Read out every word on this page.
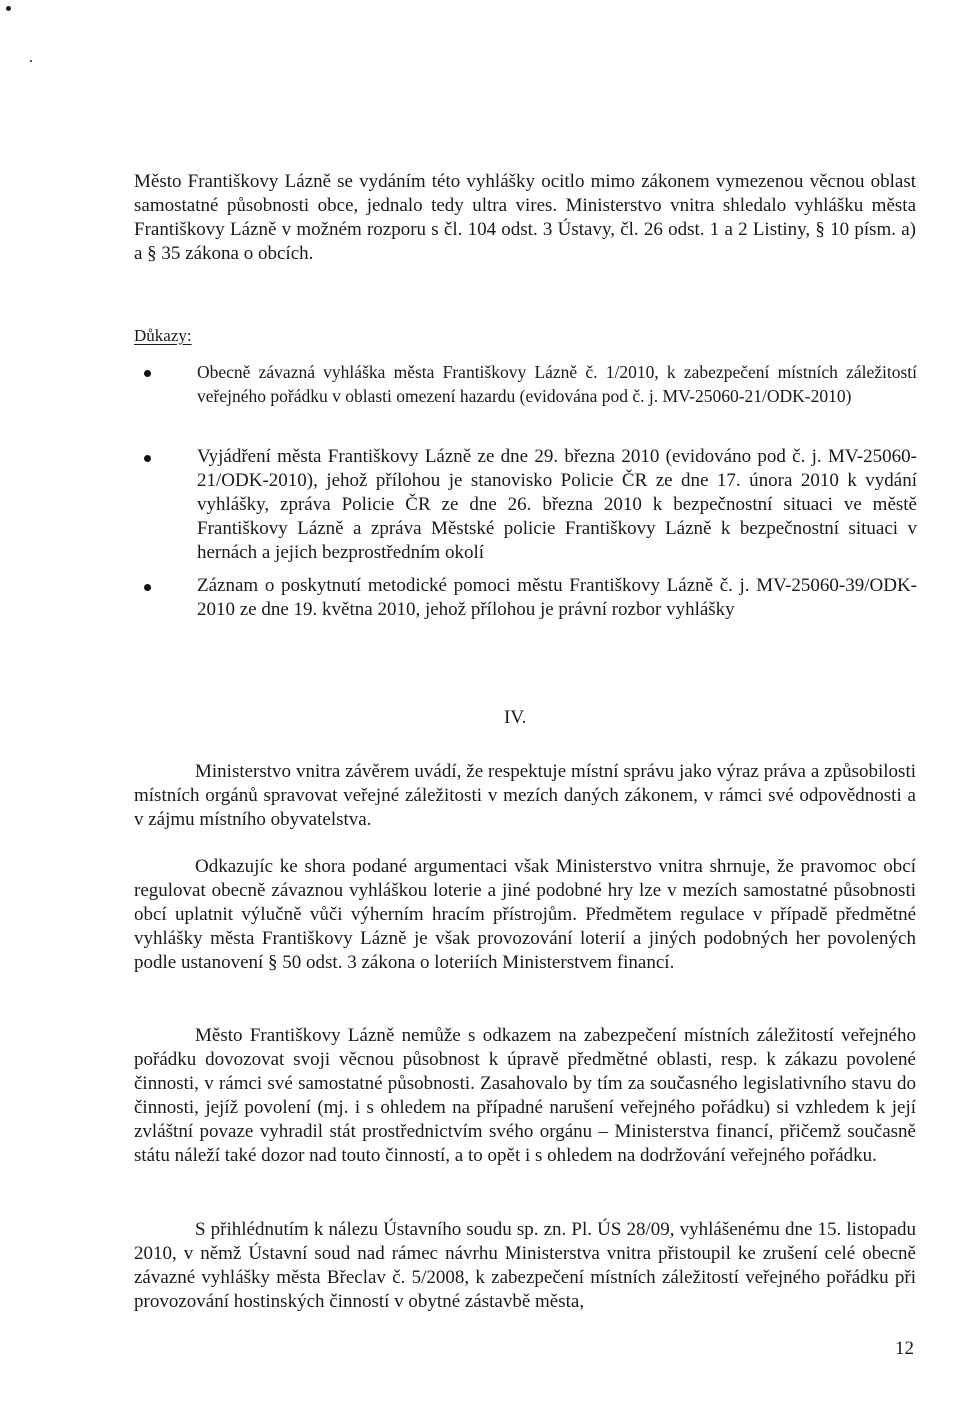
Město Františkovy Lázně se vydáním této vyhlášky ocitlo mimo zákonem vymezenou věcnou oblast samostatné působnosti obce, jednalo tedy ultra vires. Ministerstvo vnitra shledalo vyhlášku města Františkovy Lázně v možném rozporu s čl. 104 odst. 3 Ústavy, čl. 26 odst. 1 a 2 Listiny, § 10 písm. a) a § 35 zákona o obcích.

Důkazy:
Obecně závazná vyhláška města Františkovy Lázně č. 1/2010, k zabezpečení místních záležitostí veřejného pořádku v oblasti omezení hazardu (evidována pod č. j. MV-25060-21/ODK-2010)
Vyjádření města Františkovy Lázně ze dne 29. března 2010 (evidováno pod č. j. MV-25060-21/ODK-2010), jehož přílohou je stanovisko Policie ČR ze dne 17. února 2010 k vydání vyhlášky, zpráva Policie ČR ze dne 26. března 2010 k bezpečnostní situaci ve městě Františkovy Lázně a zpráva Městské policie Františkovy Lázně k bezpečnostní situaci v hernách a jejich bezprostředním okolí
Záznam o poskytnutí metodické pomoci městu Františkovy Lázně č. j. MV-25060-39/ODK-2010 ze dne 19. května 2010, jehož přílohou je právní rozbor vyhlášky
IV.

Ministerstvo vnitra závěrem uvádí, že respektuje místní správu jako výraz práva a způsobilosti místních orgánů spravovat veřejné záležitosti v mezích daných zákonem, v rámci své odpovědnosti a v zájmu místního obyvatelstva.

Odkazujíc ke shora podané argumentaci však Ministerstvo vnitra shrnuje, že pravomoc obcí regulovat obecně závaznou vyhláškou loterie a jiné podobné hry lze v mezích samostatné působnosti obcí uplatnit výlučně vůči výherním hracím přístrojům. Předmětem regulace v případě předmětné vyhlášky města Františkovy Lázně je však provozování loterií a jiných podobných her povolených podle ustanovení § 50 odst. 3 zákona o loteriích Ministerstvem financí.

Město Františkovy Lázně nemůže s odkazem na zabezpečení místních záležitostí veřejného pořádku dovozovat svoji věcnou působnost k úpravě předmětné oblasti, resp. k zákazu povolené činnosti, v rámci své samostatné působnosti. Zasahovalo by tím za současného legislativního stavu do činnosti, jejíž povolení (mj. i s ohledem na případné narušení veřejného pořádku) si vzhledem k její zvláštní povaze vyhradil stát prostřednictvím svého orgánu – Ministerstva financí, přičemž současně státu náleží také dozor nad touto činností, a to opět i s ohledem na dodržování veřejného pořádku.

S přihlédnutím k nálezu Ústavního soudu sp. zn. Pl. ÚS 28/09, vyhlášenému dne 15. listopadu 2010, v němž Ústavní soud nad rámec návrhu Ministerstva vnitra přistoupil ke zrušení celé obecně závazné vyhlášky města Břeclav č. 5/2008, k zabezpečení místních záležitostí veřejného pořádku při provozování hostinských činností v obytné zástavbě města,

12
